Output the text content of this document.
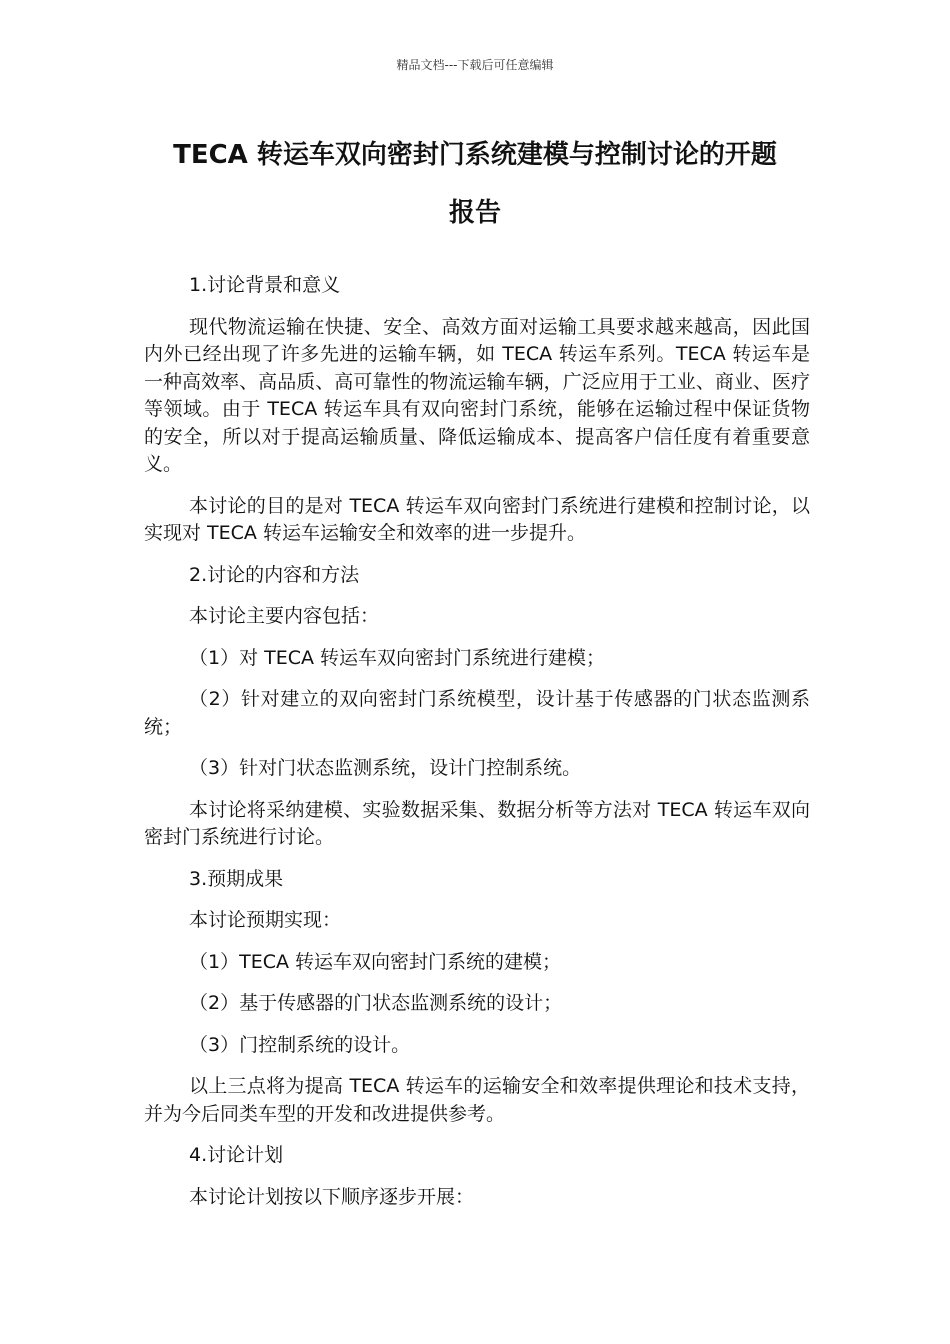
精品文档---下载后可任意编辑
TECA 转运车双向密封门系统建模与控制讨论的开题
报告

1.讨论背景和意义

现代物流运输在快捷、安全、高效方面对运输工具要求越来越高，因此国内外已经出现了许多先进的运输车辆，如 TECA 转运车系列。TECA 转运车是一种高效率、高品质、高可靠性的物流运输车辆，广泛应用于工业、商业、医疗等领域。由于 TECA 转运车具有双向密封门系统，能够在运输过程中保证货物的安全，所以对于提高运输质量、降低运输成本、提高客户信任度有着重要意义。

本讨论的目的是对 TECA 转运车双向密封门系统进行建模和控制讨论，以实现对 TECA 转运车运输安全和效率的进一步提升。

2.讨论的内容和方法

本讨论主要内容包括：

（1）对 TECA 转运车双向密封门系统进行建模；

（2）针对建立的双向密封门系统模型，设计基于传感器的门状态监测系统；

（3）针对门状态监测系统，设计门控制系统。

本讨论将采纳建模、实验数据采集、数据分析等方法对 TECA 转运车双向密封门系统进行讨论。

3.预期成果

本讨论预期实现：

（1）TECA 转运车双向密封门系统的建模；

（2）基于传感器的门状态监测系统的设计；

（3）门控制系统的设计。

以上三点将为提高 TECA 转运车的运输安全和效率提供理论和技术支持，并为今后同类车型的开发和改进提供参考。

4.讨论计划

本讨论计划按以下顺序逐步开展：
